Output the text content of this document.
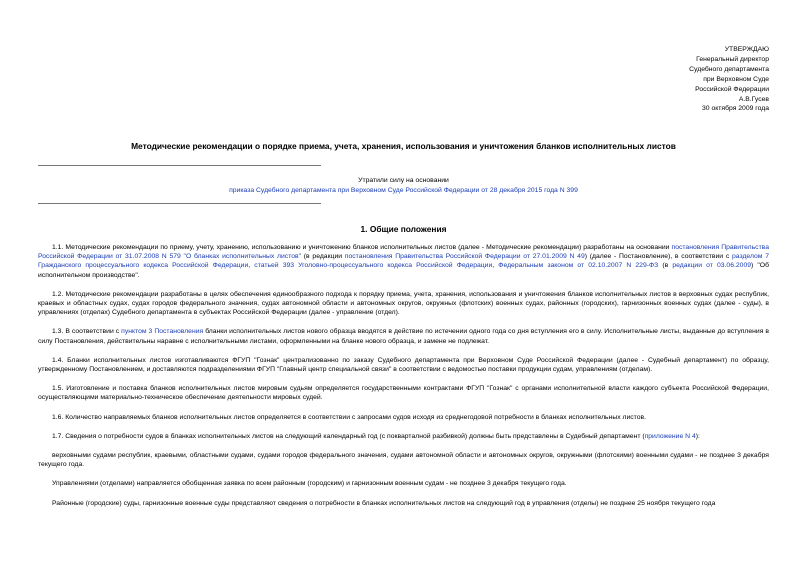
УТВЕРЖДАЮ
Генеральный директор
Судебного департамента
при Верховном Суде
Российской Федерации
А.В.Гусев
30 октября 2009 года
Методические рекомендации о порядке приема, учета, хранения, использования и уничтожения бланков исполнительных листов
Утратили силу на основании
приказа Судебного департамента при Верховном Суде Российской Федерации от 28 декабря 2015 года N 399
1. Общие положения

1.1. Методические рекомендации по приему, учету, хранению, использованию и уничтожению бланков исполнительных листов (далее - Методические рекомендации) разработаны на основании постановления Правительства Российской Федерации от 31.07.2008 N 579 "О бланках исполнительных листов" (в редакции постановления Правительства Российской Федерации от 27.01.2009 N 49) (далее - Постановление), в соответствии с разделом 7 Гражданского процессуального кодекса Российской Федерации, статьей 393 Уголовно-процессуального кодекса Российской Федерации, Федеральным законом от 02.10.2007 N 229-ФЗ (в редакции от 03.06.2009) "Об исполнительном производстве".

1.2. Методические рекомендации разработаны в целях обеспечения единообразного подхода к порядку приема, учета, хранения, использования и уничтожения бланков исполнительных листов в верховных судах республик, краевых и областных судах, судах городов федерального значения, судах автономной области и автономных округов, окружных (флотских) военных судах, районных (городских), гарнизонных военных судах (далее - суды), в управлениях (отделах) Судебного департамента в субъектах Российской Федерации (далее - управление (отдел).

1.3. В соответствии с пунктом 3 Постановления бланки исполнительных листов нового образца вводятся в действие по истечении одного года со дня вступления его в силу. Исполнительные листы, выданные до вступления в силу Постановления, действительны наравне с исполнительными листами, оформленными на бланке нового образца, и замене не подлежат.

1.4. Бланки исполнительных листов изготавливаются ФГУП "Гознак" централизованно по заказу Судебного департамента при Верховном Суде Российской Федерации (далее - Судебный департамент) по образцу, утвержденному Постановлением, и доставляются подразделениями ФГУП "Главный центр специальной связи" в соответствии с ведомостью поставки продукции судам, управлениям (отделам).

1.5. Изготовление и поставка бланков исполнительных листов мировым судьям определяется государственными контрактами ФГУП "Гознак" с органами исполнительной власти каждого субъекта Российской Федерации, осуществляющими материально-техническое обеспечение деятельности мировых судей.

1.6. Количество направляемых бланков исполнительных листов определяется в соответствии с запросами судов исходя из среднегодовой потребности в бланках исполнительных листов.

1.7. Сведения о потребности судов в бланках исполнительных листов на следующий календарный год (с покварталной разбивкой) должны быть представлены в Судебный департамент (приложение N 4):

верховными судами республик, краевыми, областными судами, судами городов федерального значения, судами автономной области и автономных округов, окружными (флотскими) военными судами - не позднее 3 декабря текущего года.

Управлениями (отделами) направляется обобщенная заявка по всем районным (городским) и гарнизонным военным судам - не позднее 3 декабря текущего года.

Районные (городские) суды, гарнизонные военные суды представляют сведения о потребности в бланках исполнительных листов на следующий год в управления (отделы) не позднее 25 ноября текущего года
